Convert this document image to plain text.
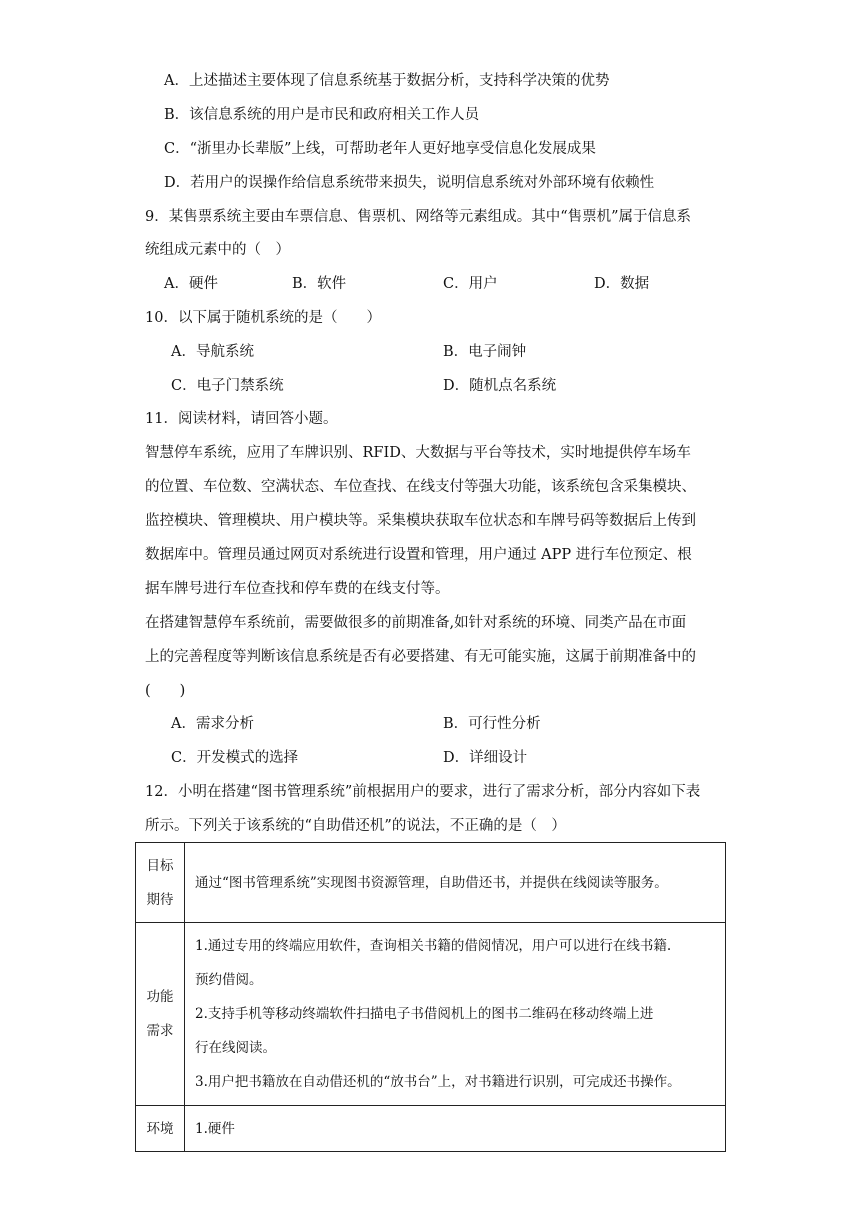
A．上述描述主要体现了信息系统基于数据分析，支持科学决策的优势
B．该信息系统的用户是市民和政府相关工作人员
C．“浙里办长辈版”上线，可帮助老年人更好地享受信息化发展成果
D．若用户的误操作给信息系统带来损失，说明信息系统对外部环境有依赖性
9．某售票系统主要由车票信息、售票机、网络等元素组成。其中“售票机”属于信息系
统组成元素中的（　）
A．硬件	B．软件	C．用户	D．数据
10．以下属于随机系统的是（　　）
A．导航系统	B．电子闹钟
C．电子门禁系统	D．随机点名系统
11．阅读材料，请回答小题。
智慧停车系统，应用了车牌识别、RFID、大数据与平台等技术，实时地提供停车场车
的位置、车位数、空满状态、车位查找、在线支付等强大功能，该系统包含采集模块、
监控模块、管理模块、用户模块等。采集模块获取车位状态和车牌号码等数据后上传到
数据库中。管理员通过网页对系统进行设置和管理，用户通过 APP 进行车位预定、根
据车牌号进行车位查找和停车费的在线支付等。
在搭建智慧停车系统前，需要做很多的前期准备,如针对系统的环境、同类产品在市面
上的完善程度等判断该信息系统是否有必要搭建、有无可能实施，这属于前期准备中的
(　　)
A．需求分析	B．可行性分析
C．开发模式的选择	D．详细设计
12．小明在搭建“图书管理系统”前根据用户的要求，进行了需求分析，部分内容如下表
所示。下列关于该系统的“自助借还机”的说法，不正确的是（　）
目标
期待	通过“图书管理系统”实现图书资源管理，自助借还书，并提供在线阅读等服务。

功能
需求	1.通过专用的终端应用软件，查询相关书籍的借阅情况，用户可以进行在线书籍.
预约借阅。
2.支持手机等移动终端软件扫描电子书借阅机上的图书二维码在移动终端上进
行在线阅读。
3.用户把书籍放在自动借还机的“放书台”上，对书籍进行识别，可完成还书操作。

环境	1.硬件
